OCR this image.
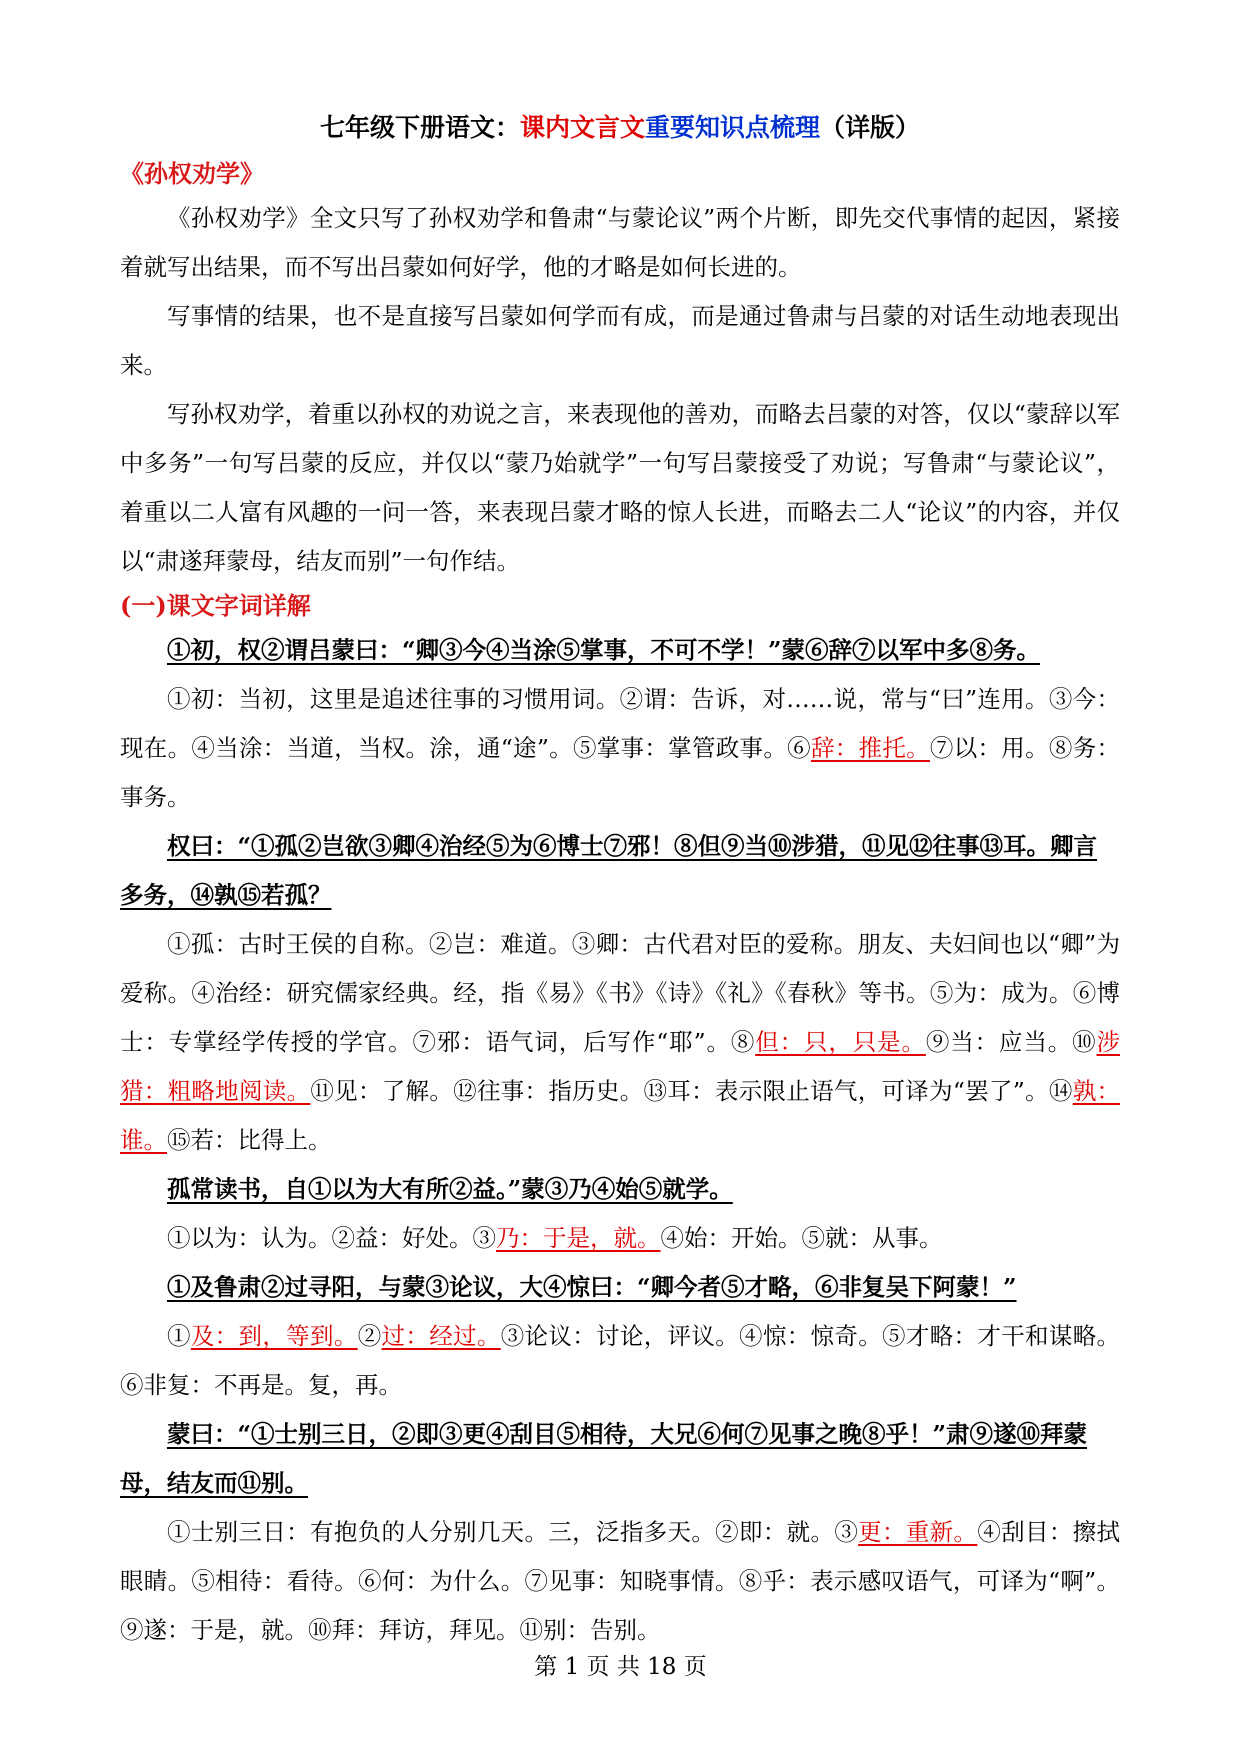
七年级下册语文：课内文言文重要知识点梳理（详版）
《孙权劝学》

《孙权劝学》全文只写了孙权劝学和鲁肃“与蒙论议”两个片断，即先交代事情的起因，紧接着就写出结果，而不写出吕蒙如何好学，他的才略是如何长进的。

写事情的结果，也不是直接写吕蒙如何学而有成，而是通过鲁肃与吕蒙的对话生动地表现出来。

写孙权劝学，着重以孙权的劝说之言，来表现他的善劝，而略去吕蒙的对答，仅以“蒙辞以军中多务”一句写吕蒙的反应，并仅以“蒙乃始就学”一句写吕蒙接受了劝说；写鲁肃“与蒙论议”，着重以二人富有风趣的一问一答，来表现吕蒙才略的惊人长进，而略去二人“论议”的内容，并仅以“肃遂拜蒙母，结友而别”一句作结。

(一)课文字词详解

①初，权②谓吕蒙曰：“卿③今④当涂⑤掌事，不可不学！”蒙⑥辞⑦以军中多⑧务。

①初：当初，这里是追述往事的习惯用词。②谓：告诉，对……说，常与“曰”连用。③今：现在。④当涂：当道，当权。涂，通“途”。⑤掌事：掌管政事。⑥辞：推托。⑦以：用。⑧务：事务。

权曰：“①孤②岂欲③卿④治经⑤为⑥博士⑦邪！⑧但⑨当⑩涉猎，⑪见⑫往事⑬耳。卿言多务，⑭孰⑮若孤？

①孤：古时王侯的自称。②岂：难道。③卿：古代君对臣的爱称。朋友、夫妇间也以“卿”为爱称。④治经：研究儒家经典。经，指《易》《书》《诗》《礼》《春秋》等书。⑤为：成为。⑥博士：专掌经学传授的学官。⑦邪：语气词，后写作“耶”。⑧但：只，只是。⑨当：应当。⑩涉猎：粗略地阅读。⑪见：了解。⑫往事：指历史。⑬耳：表示限止语气，可译为“罢了”。⑭孰：谁。⑮若：比得上。

孤常读书，自①以为大有所②益。”蒙③乃④始⑤就学。

①以为：认为。②益：好处。③乃：于是，就。④始：开始。⑤就：从事。

①及鲁肃②过寻阳，与蒙③论议，大④惊曰：“卿今者⑤才略，⑥非复吴下阿蒙！”

①及：到，等到。②过：经过。③论议：讨论，评议。④惊：惊奇。⑤才略：才干和谋略。⑥非复：不再是。复，再。

蒙曰：“①士别三日，②即③更④刮目⑤相待，大兄⑥何⑦见事之晚⑧乎！”肃⑨遂⑩拜蒙母，结友而⑪别。

①士别三日：有抱负的人分别几天。三，泛指多天。②即：就。③更：重新。④刮目：擦拭眼睛。⑤相待：看待。⑥何：为什么。⑦见事：知晓事情。⑧乎：表示感叹语气，可译为“啊”。⑨遂：于是，就。⑩拜：拜访，拜见。⑪别：告别。

第 1 页 共 18 页
